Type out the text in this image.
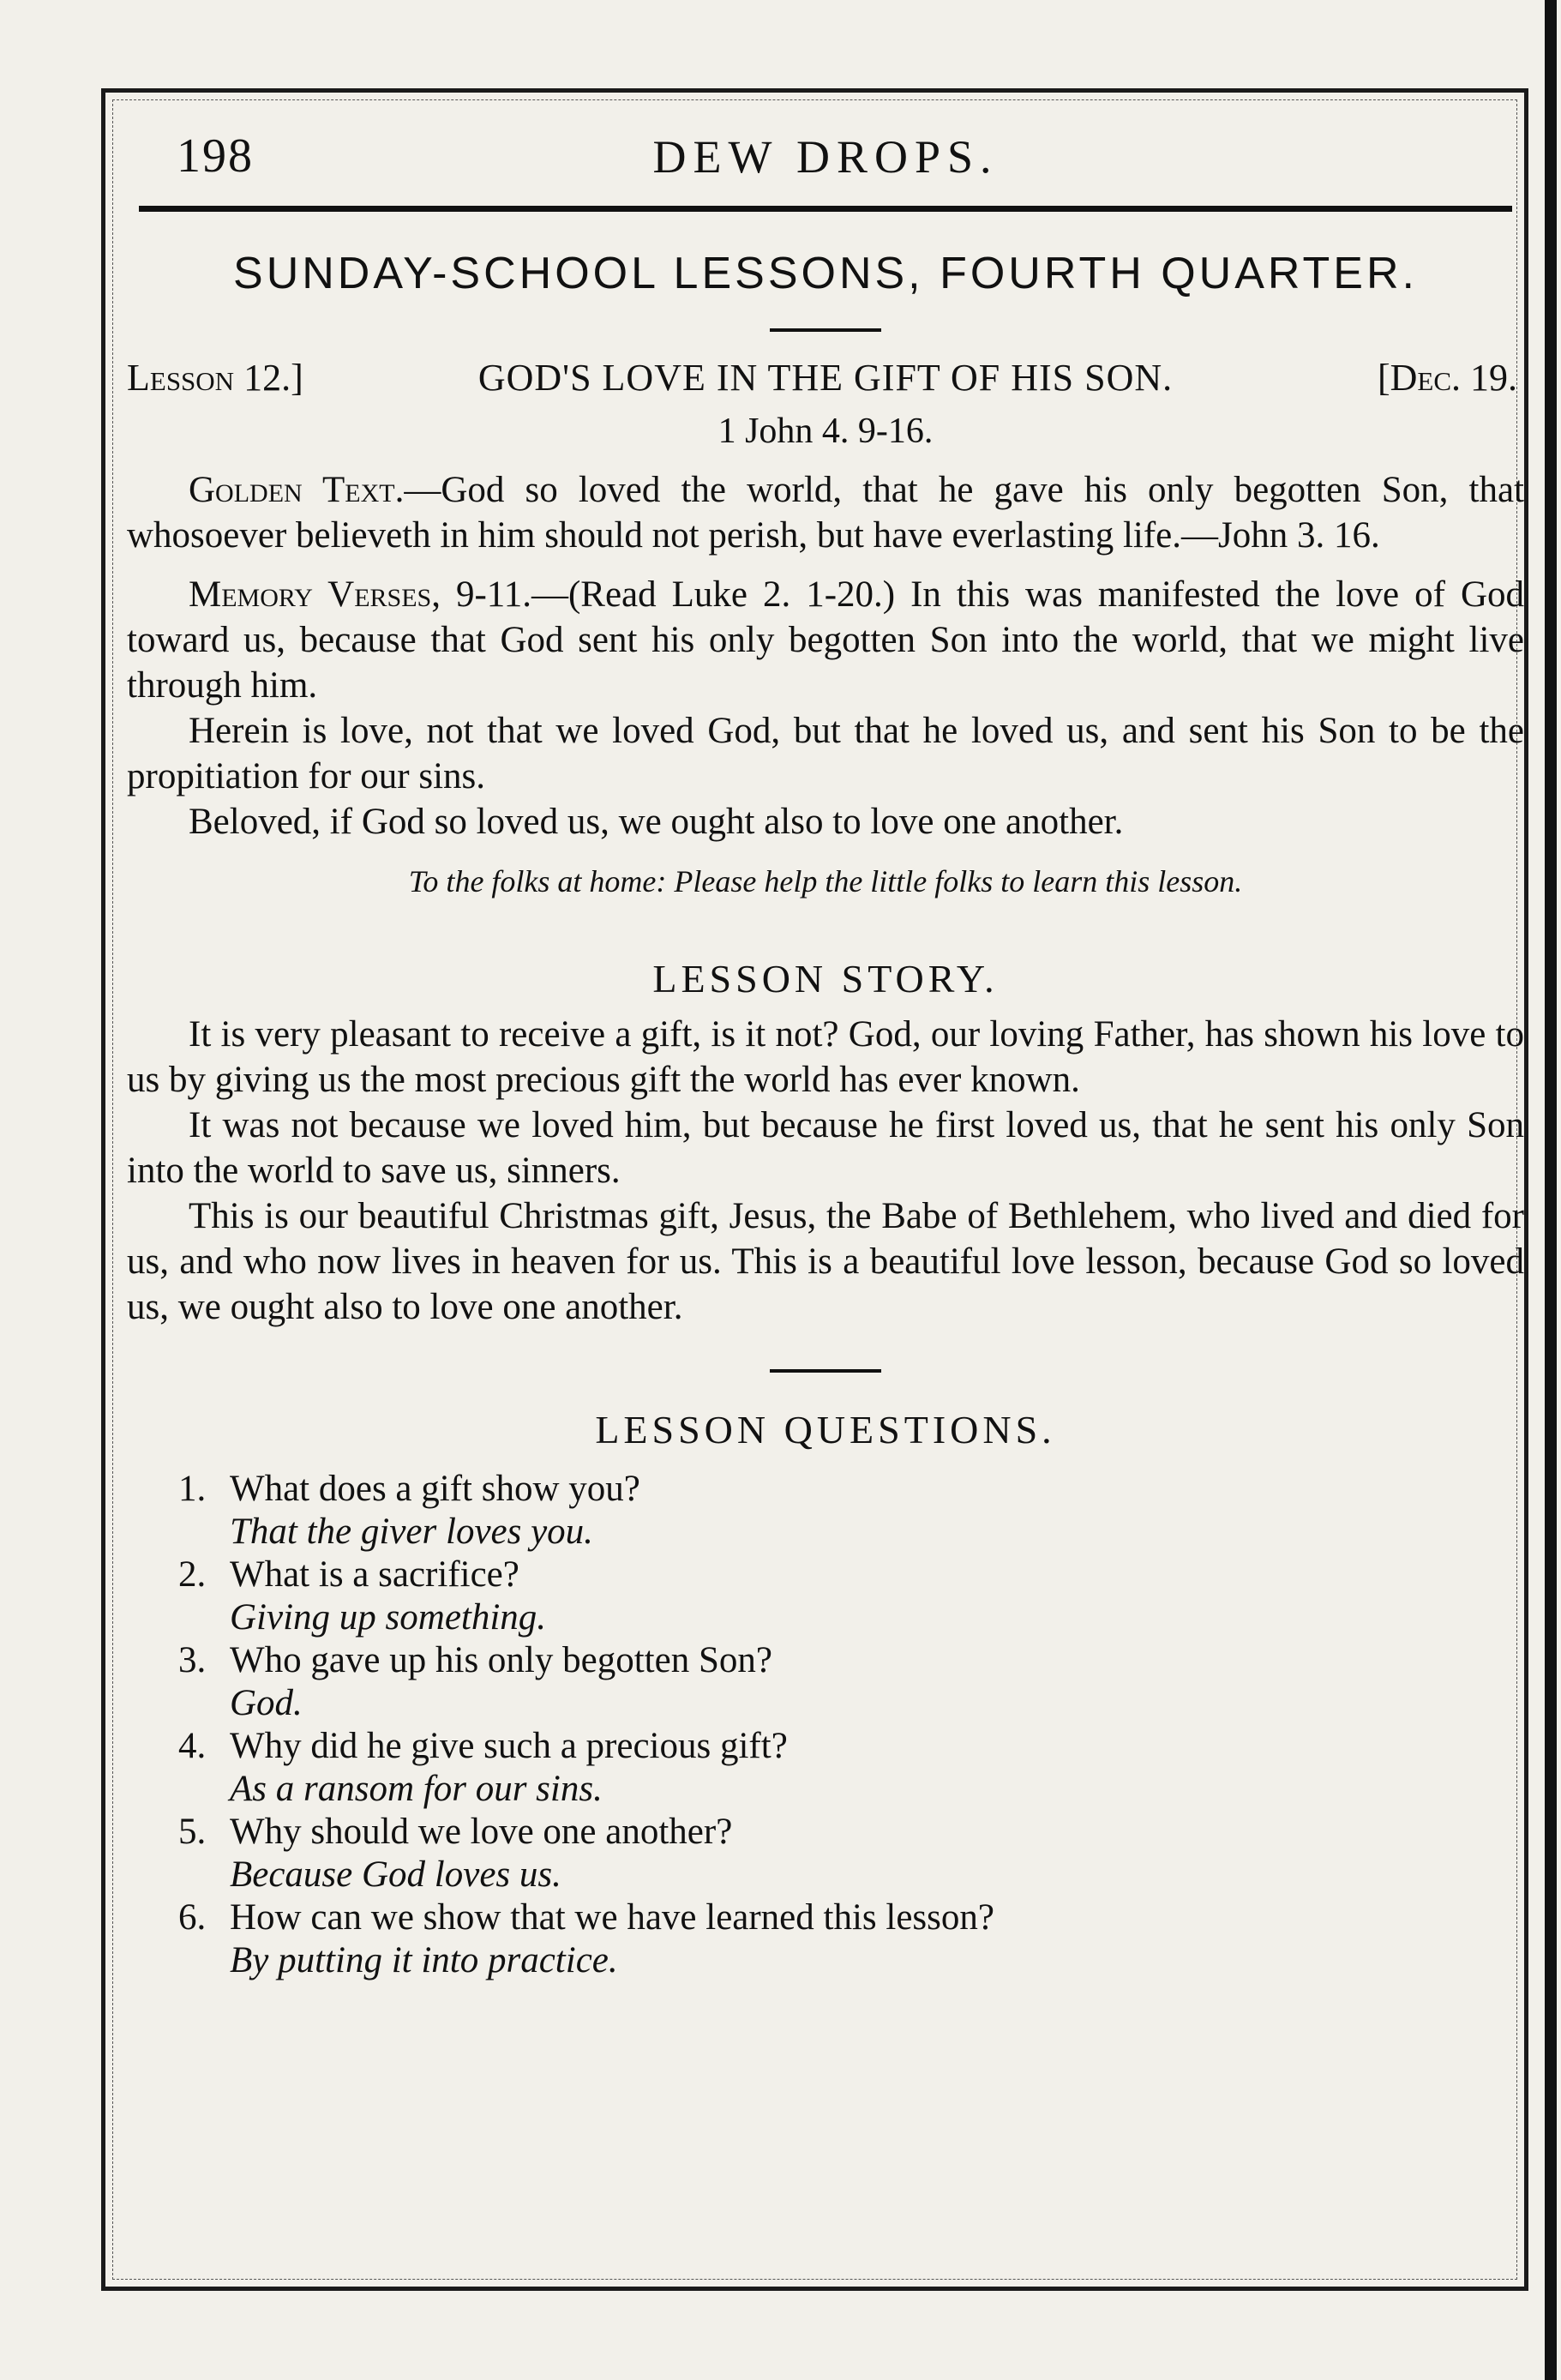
198	DEW DROPS.
SUNDAY-SCHOOL LESSONS, FOURTH QUARTER.
Lesson 12.]	GOD'S LOVE IN THE GIFT OF HIS SON.	[Dec. 19.
1 John 4. 9-16.

Golden Text.—God so loved the world, that he gave his only begotten Son, that whosoever believeth in him should not perish, but have everlasting life.—John 3. 16.

Memory Verses, 9-11.—(Read Luke 2. 1-20.) In this was manifested the love of God toward us, because that God sent his only begotten Son into the world, that we might live through him.

Herein is love, not that we loved God, but that he loved us, and sent his Son to be the propitiation for our sins.

Beloved, if God so loved us, we ought also to love one another.

To the folks at home: Please help the little folks to learn this lesson.
LESSON STORY.

It is very pleasant to receive a gift, is it not? God, our loving Father, has shown his love to us by giving us the most precious gift the world has ever known.

It was not because we loved him, but because he first loved us, that he sent his only Son into the world to save us, sinners.

This is our beautiful Christmas gift, Jesus, the Babe of Bethlehem, who lived and died for us, and who now lives in heaven for us. This is a beautiful love lesson, because God so loved us, we ought also to love one another.

LESSON QUESTIONS.
1. What does a gift show you?
That the giver loves you.
2. What is a sacrifice?
Giving up something.
3. Who gave up his only begotten Son?
God.
4. Why did he give such a precious gift?
As a ransom for our sins.
5. Why should we love one another?
Because God loves us.
6. How can we show that we have learned this lesson?
By putting it into practice.
